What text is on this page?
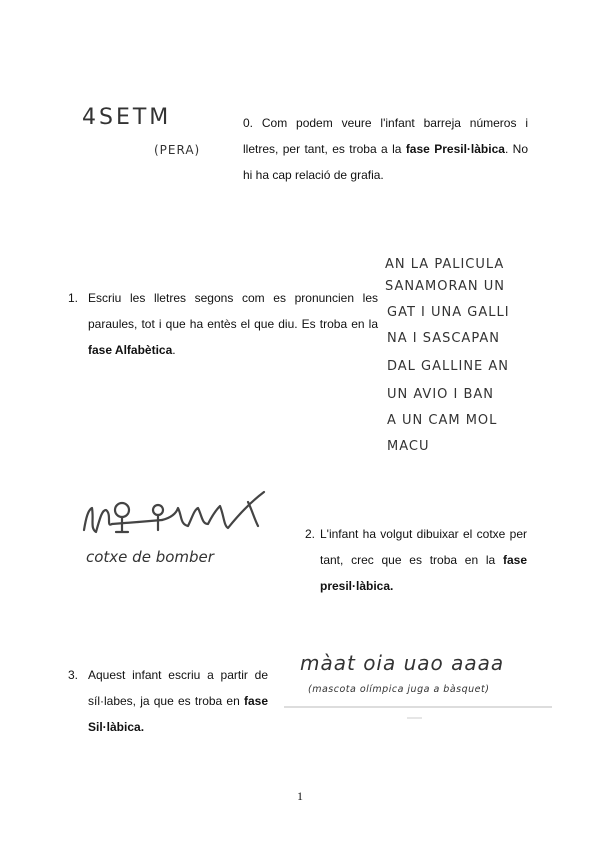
4SETM
(PERA)
0. Com podem veure l'infant barreja números i lletres, per tant, es troba a la fase Presil·làbica. No hi ha cap relació de grafia.
1. Escriu les lletres segons com es pronuncien les paraules, tot i que ha entès el que diu. Es troba en la fase Alfabètica.
AN LA PALICULA
SANAMORAN UN
GAT I UNA GALLI
NA I SASCAPAN
DAL GALLINE AN
UN AVIO I BAN
A UN CAM MOL
MACU
cotxe de bomber
2. L'infant ha volgut dibuixar el cotxe per tant, crec que es troba en la fase presil·làbica.
3. Aquest infant escriu a partir de síl·labes, ja que es troba en fase Sil·làbica.
màat oia uao aaaa
(mascota olímpica juga a bàsquet)
1
